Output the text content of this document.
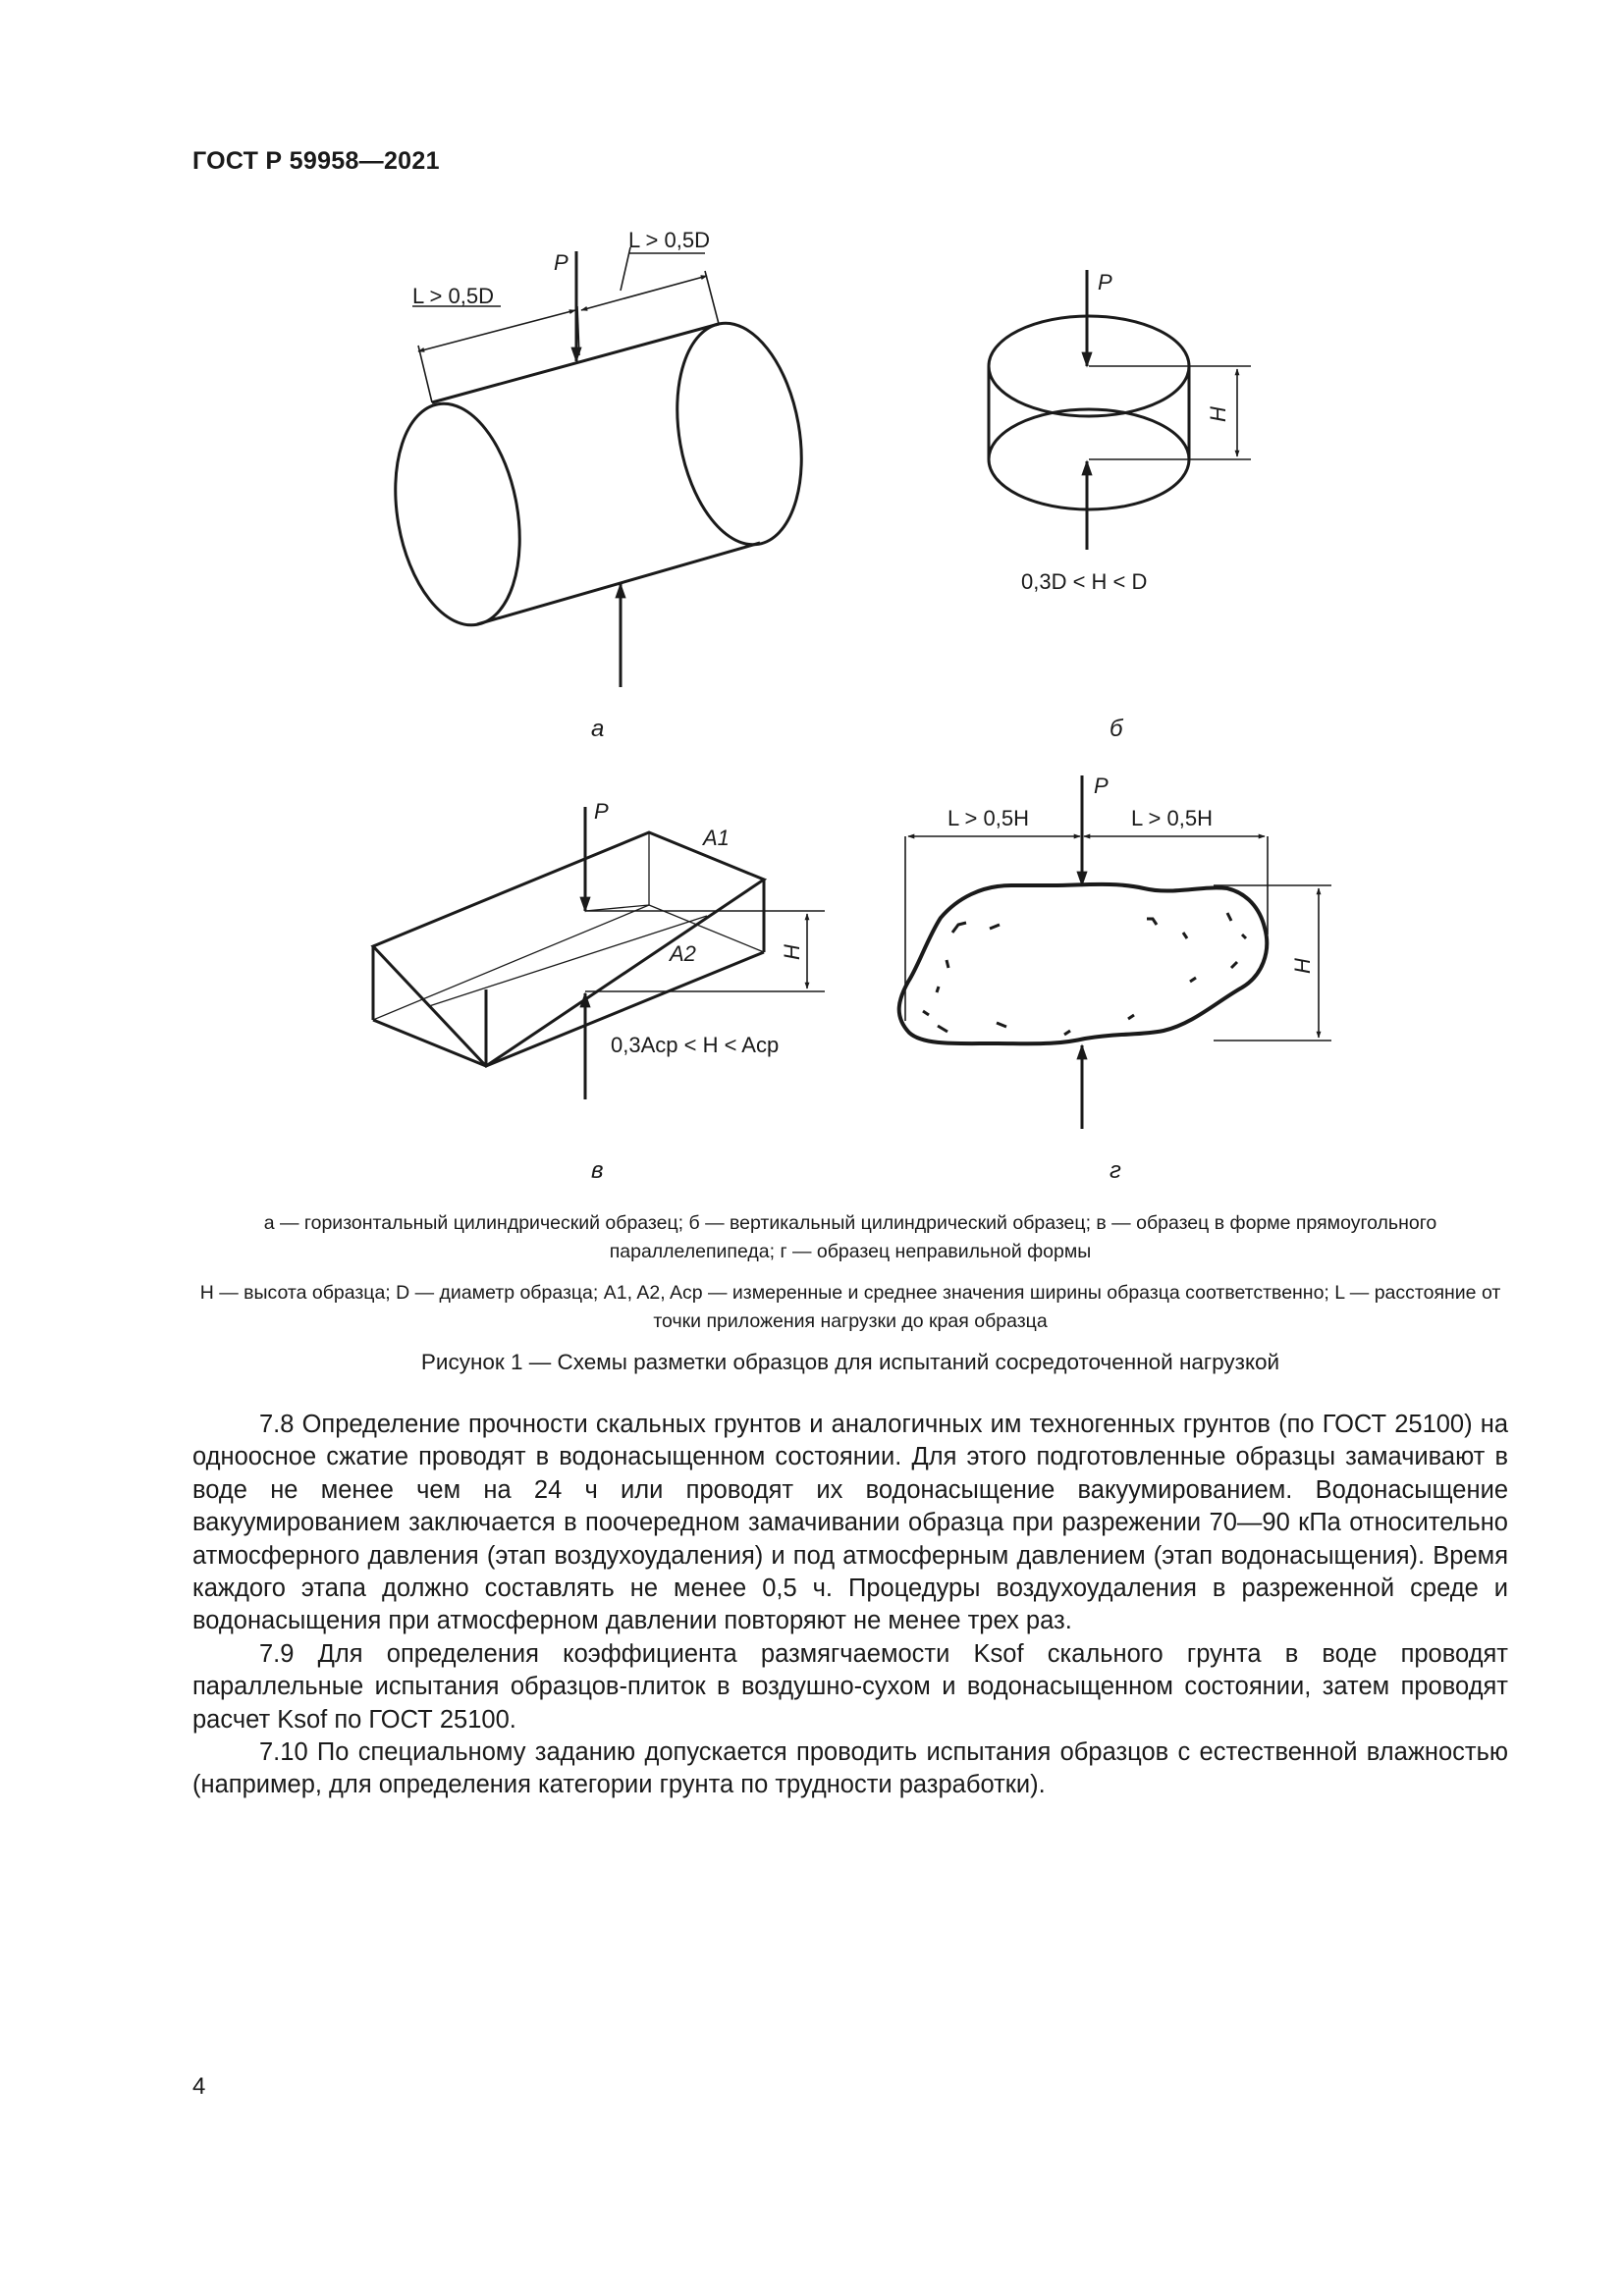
ГОСТ Р 59958—2021
P
L > 0,5D
L > 0,5D
а
P
H
0,3D < H < D
б
P
A1
A2	H
0,3Aср < H < Aср
в
P
L > 0,5H	L > 0,5H
H
г
а — горизонтальный цилиндрический образец; б — вертикальный цилиндрический образец; в — образец в форме прямоугольного параллелепипеда; г — образец неправильной формы
H — высота образца; D — диаметр образца; A1, A2, Aср — измеренные и среднее значения ширины образца соответственно; L — расстояние от точки приложения нагрузки до края образца
Рисунок 1 — Схемы разметки образцов для испытаний сосредоточенной нагрузкой

7.8 Определение прочности скальных грунтов и аналогичных им техногенных грунтов (по ГОСТ 25100) на одноосное сжатие проводят в водонасыщенном состоянии. Для этого подготовленные образцы замачивают в воде не менее чем на 24 ч или проводят их водонасыщение вакуумированием. Водонасыщение вакуумированием заключается в поочередном замачивании образца при разрежении 70—90 кПа относительно атмосферного давления (этап воздухоудаления) и под атмосферным давлением (этап водонасыщения). Время каждого этапа должно составлять не менее 0,5 ч. Процедуры воздухоудаления в разреженной среде и водонасыщения при атмосферном давлении повторяют не менее трех раз.

7.9 Для определения коэффициента размягчаемости Ksof скального грунта в воде проводят параллельные испытания образцов-плиток в воздушно-сухом и водонасыщенном состоянии, затем проводят расчет Ksof по ГОСТ 25100.

7.10 По специальному заданию допускается проводить испытания образцов с естественной влажностью (например, для определения категории грунта по трудности разработки).

4
